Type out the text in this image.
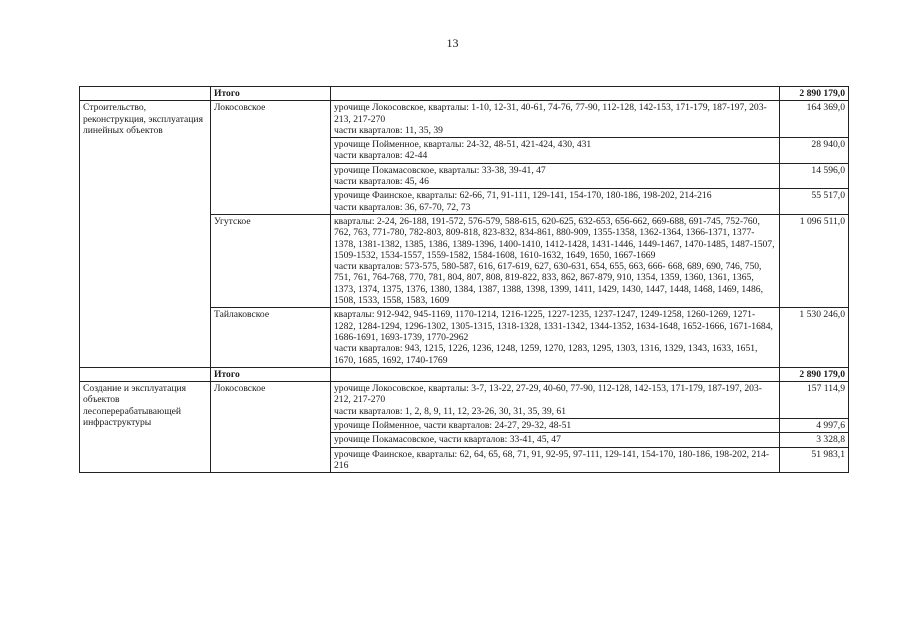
13
	Итого		2 890 179,0
Строительство, реконструкция, эксплуатация линейных объектов	Локосовское	урочище Локосовское, кварталы: 1-10, 12-31, 40-61, 74-76, 77-90, 112-128, 142-153, 171-179, 187-197, 203-213, 217-270
части кварталов: 11, 35, 39	164 369,0

		урочище Пойменное, кварталы: 24-32, 48-51, 421-424, 430, 431
части кварталов: 42-44	28 940,0

		урочище Покамасовское, кварталы: 33-38, 39-41, 47
части кварталов: 45, 46	14 596,0

		урочище Фаинское, кварталы: 62-66, 71, 91-111, 129-141, 154-170, 180-186, 198-202, 214-216
части кварталов: 36, 67-70, 72, 73	55 517,0
	Угутское	кварталы: 2-24, 26-188, 191-572, 576-579, 588-615, 620-625, 632-653, 656-662, 669-688, 691-745, 752-760, 762, 763, 771-780, 782-803, 809-818, 823-832, 834-861, 880-909, 1355-1358, 1362-1364, 1366-1371, 1377-1378, 1381-1382, 1385, 1386, 1389-1396, 1400-1410, 1412-1428, 1431-1446, 1449-1467, 1470-1485, 1487-1507, 1509-1532, 1534-1557, 1559-1582, 1584-1608, 1610-1632, 1649, 1650, 1667-1669
части кварталов: 573-575, 580-587, 616, 617-619, 627, 630-631, 654, 655, 663, 666- 668, 689, 690, 746, 750, 751, 761, 764-768, 770, 781, 804, 807, 808, 819-822, 833, 862, 867-879, 910, 1354, 1359, 1360, 1361, 1365, 1373, 1374, 1375, 1376, 1380, 1384, 1387, 1388, 1398, 1399, 1411, 1429, 1430, 1447, 1448, 1468, 1469, 1486, 1508, 1533, 1558, 1583, 1609	1 096 511,0
	Тайлаковское	кварталы: 912-942, 945-1169, 1170-1214, 1216-1225, 1227-1235, 1237-1247, 1249-1258, 1260-1269, 1271-1282, 1284-1294, 1296-1302, 1305-1315, 1318-1328, 1331-1342, 1344-1352, 1634-1648, 1652-1666, 1671-1684, 1686-1691, 1693-1739, 1770-2962
части кварталов: 943, 1215, 1226, 1236, 1248, 1259, 1270, 1283, 1295, 1303, 1316, 1329, 1343, 1633, 1651, 1670, 1685, 1692, 1740-1769	1 530 246,0
	Итого		2 890 179,0
Создание и эксплуатация объектов лесоперерабатывающей инфраструктуры	Локосовское	урочище Локосовское, кварталы: 3-7, 13-22, 27-29, 40-60, 77-90, 112-128, 142-153, 171-179, 187-197, 203-212, 217-270
части кварталов: 1, 2, 8, 9, 11, 12, 23-26, 30, 31, 35, 39, 61	157 114,9

		урочище Пойменное, части кварталов: 24-27, 29-32, 48-51	4 997,6

		урочище Покамасовское, части кварталов: 33-41, 45, 47	3 328,8

		урочище Фаинское, кварталы: 62, 64, 65, 68, 71, 91, 92-95, 97-111, 129-141, 154-170, 180-186, 198-202, 214-216	51 983,1
